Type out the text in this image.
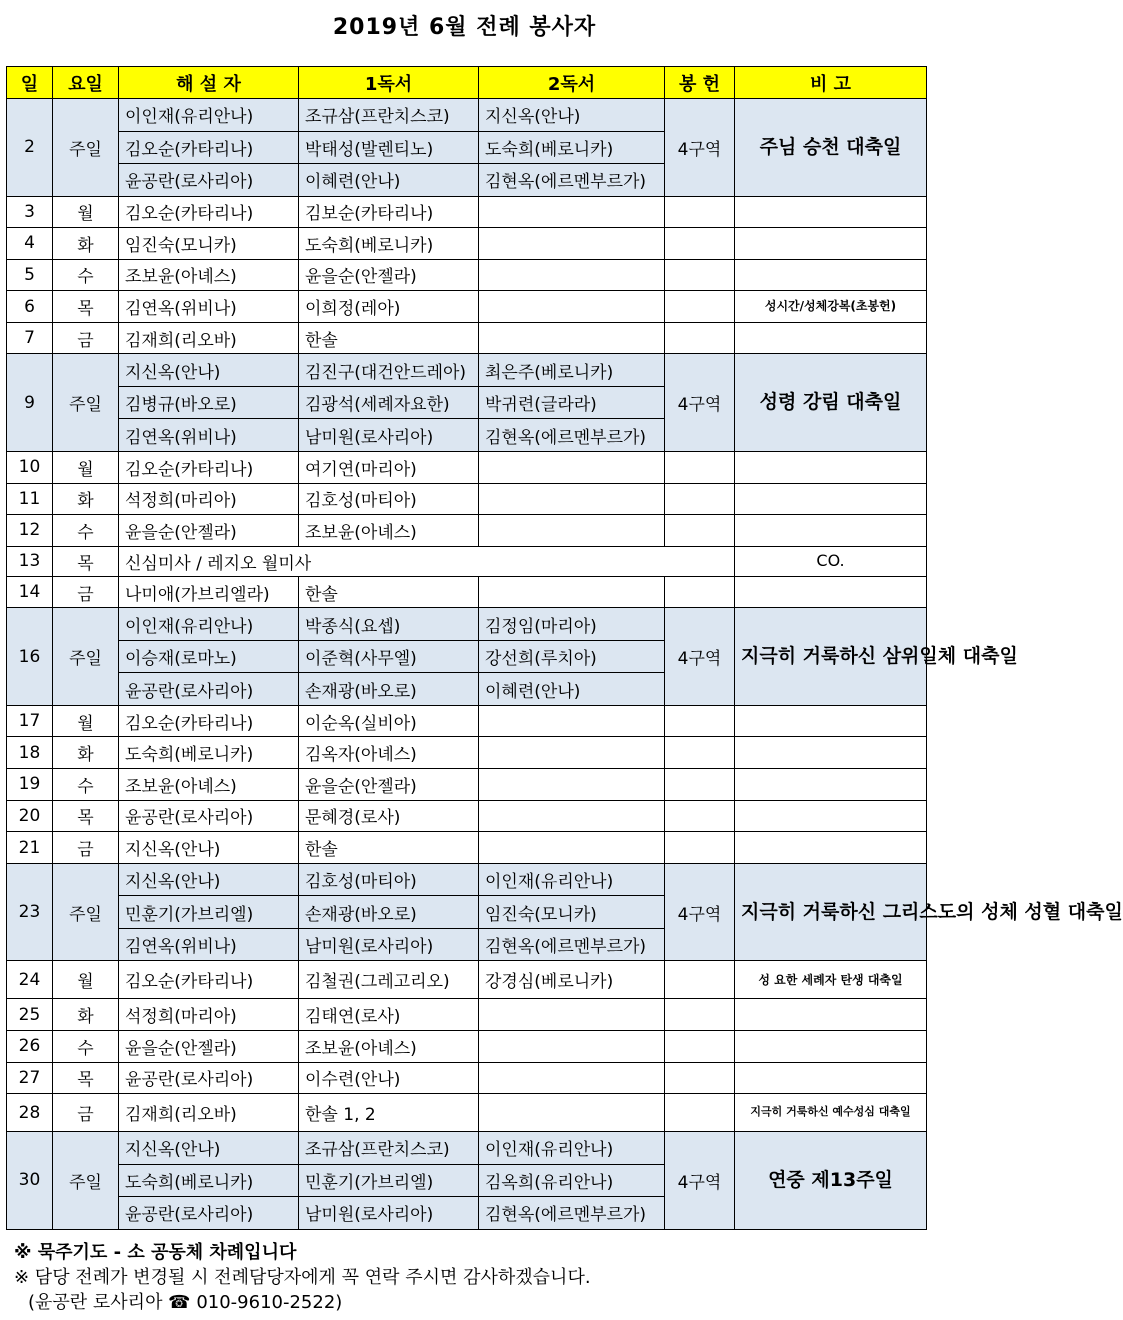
2019년 6월 전례 봉사자
일	요일	해 설 자	1독서	2독서	봉 헌	비 고
2	주일	이인재(유리안나)	조규삼(프란치스코)	지신옥(안나)	4구역	주님 승천 대축일
		김오순(카타리나)	박태성(발렌티노)	도숙희(베로니카)		
		윤공란(로사리아)	이혜련(안나)	김현옥(에르멘부르가)		
3	월	김오순(카타리나)	김보순(카타리나)			
4	화	임진숙(모니카)	도숙희(베로니카)			
5	수	조보윤(아녜스)	윤을순(안젤라)			
6	목	김연옥(위비나)	이희정(레아)			성시간/성체강복(초봉헌)
7	금	김재희(리오바)	한솔			
9	주일	지신옥(안나)	김진구(대건안드레아)	최은주(베로니카)	4구역	성령 강림 대축일
		김병규(바오로)	김광석(세례자요한)	박귀련(글라라)		
		김연옥(위비나)	남미원(로사리아)	김현옥(에르멘부르가)		
10	월	김오순(카타리나)	여기연(마리아)			
11	화	석정희(마리아)	김호성(마티아)			
12	수	윤을순(안젤라)	조보윤(아녜스)			
13	목	신심미사 / 레지오 월미사				CO.
14	금	나미애(가브리엘라)	한솔			
16	주일	이인재(유리안나)	박종식(요셉)	김정임(마리아)	4구역	지극히 거룩하신 삼위일체 대축일
		이승재(로마노)	이준혁(사무엘)	강선희(루치아)		
		윤공란(로사리아)	손재광(바오로)	이혜련(안나)		
17	월	김오순(카타리나)	이순옥(실비아)			
18	화	도숙희(베로니카)	김옥자(아녜스)			
19	수	조보윤(아녜스)	윤을순(안젤라)			
20	목	윤공란(로사리아)	문혜경(로사)			
21	금	지신옥(안나)	한솔			
23	주일	지신옥(안나)	김호성(마티아)	이인재(유리안나)	4구역	지극히 거룩하신 그리스도의 성체 성혈 대축일
		민훈기(가브리엘)	손재광(바오로)	임진숙(모니카)		
		김연옥(위비나)	남미원(로사리아)	김현옥(에르멘부르가)		
24	월	김오순(카타리나)	김철권(그레고리오)	강경심(베로니카)		성 요한 세례자 탄생 대축일
25	화	석정희(마리아)	김태연(로사)			
26	수	윤을순(안젤라)	조보윤(아녜스)			
27	목	윤공란(로사리아)	이수련(안나)			
28	금	김재희(리오바)	한솔 1, 2			지극히 거룩하신 예수성심 대축일
30	주일	지신옥(안나)	조규삼(프란치스코)	이인재(유리안나)	4구역	연중 제13주일
		도숙희(베로니카)	민훈기(가브리엘)	김옥희(유리안나)		
		윤공란(로사리아)	남미원(로사리아)	김현옥(에르멘부르가)		
※ 묵주기도 - 소 공동체 차례입니다
※ 담당 전례가 변경될 시 전례담당자에게 꼭 연락 주시면 감사하겠습니다.
(윤공란 로사리아 ☎ 010-9610-2522)
